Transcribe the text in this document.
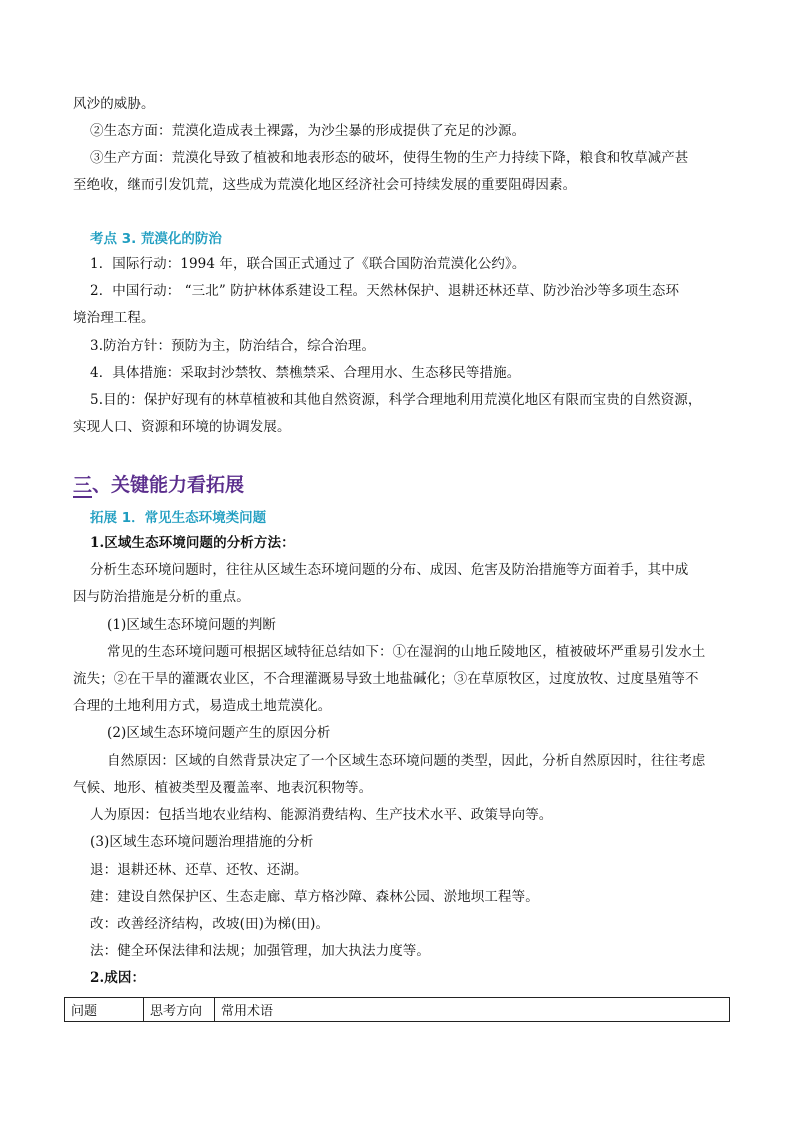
风沙的威胁。
②生态方面：荒漠化造成表土裸露，为沙尘暴的形成提供了充足的沙源。
③生产方面：荒漠化导致了植被和地表形态的破坏，使得生物的生产力持续下降，粮食和牧草减产甚
至绝收，继而引发饥荒，这些成为荒漠化地区经济社会可持续发展的重要阻碍因素。
考点 3. 荒漠化的防治
1．国际行动：1994 年，联合国正式通过了《联合国防治荒漠化公约》。
2．中国行动： “三北” 防护林体系建设工程。天然林保护、退耕还林还草、防沙治沙等多项生态环
境治理工程。
3.防治方针：预防为主，防治结合，综合治理。
4．具体措施：采取封沙禁牧、禁樵禁采、合理用水、生态移民等措施。
5.目的：保护好现有的林草植被和其他自然资源，科学合理地利用荒漠化地区有限而宝贵的自然资源，
实现人口、资源和环境的协调发展。
三、关键能力看拓展
拓展 1．常见生态环境类问题
1.区域生态环境问题的分析方法：
分析生态环境问题时，往往从区域生态环境问题的分布、成因、危害及防治措施等方面着手，其中成
因与防治措施是分析的重点。
(1)区域生态环境问题的判断
常见的生态环境问题可根据区域特征总结如下：①在湿润的山地丘陵地区，植被破坏严重易引发水土
流失；②在干旱的灌溉农业区，不合理灌溉易导致土地盐碱化；③在草原牧区，过度放牧、过度垦殖等不
合理的土地利用方式，易造成土地荒漠化。
(2)区域生态环境问题产生的原因分析
自然原因：区域的自然背景决定了一个区域生态环境问题的类型，因此，分析自然原因时，往往考虑
气候、地形、植被类型及覆盖率、地表沉积物等。
人为原因：包括当地农业结构、能源消费结构、生产技术水平、政策导向等。
(3)区域生态环境问题治理措施的分析
退：退耕还林、还草、还牧、还湖。
建：建设自然保护区、生态走廊、草方格沙障、森林公园、淤地坝工程等。
改：改善经济结构，改坡(田)为梯(田)。
法：健全环保法律和法规；加强管理，加大执法力度等。
2.成因：
问题	思考方向	常用术语
